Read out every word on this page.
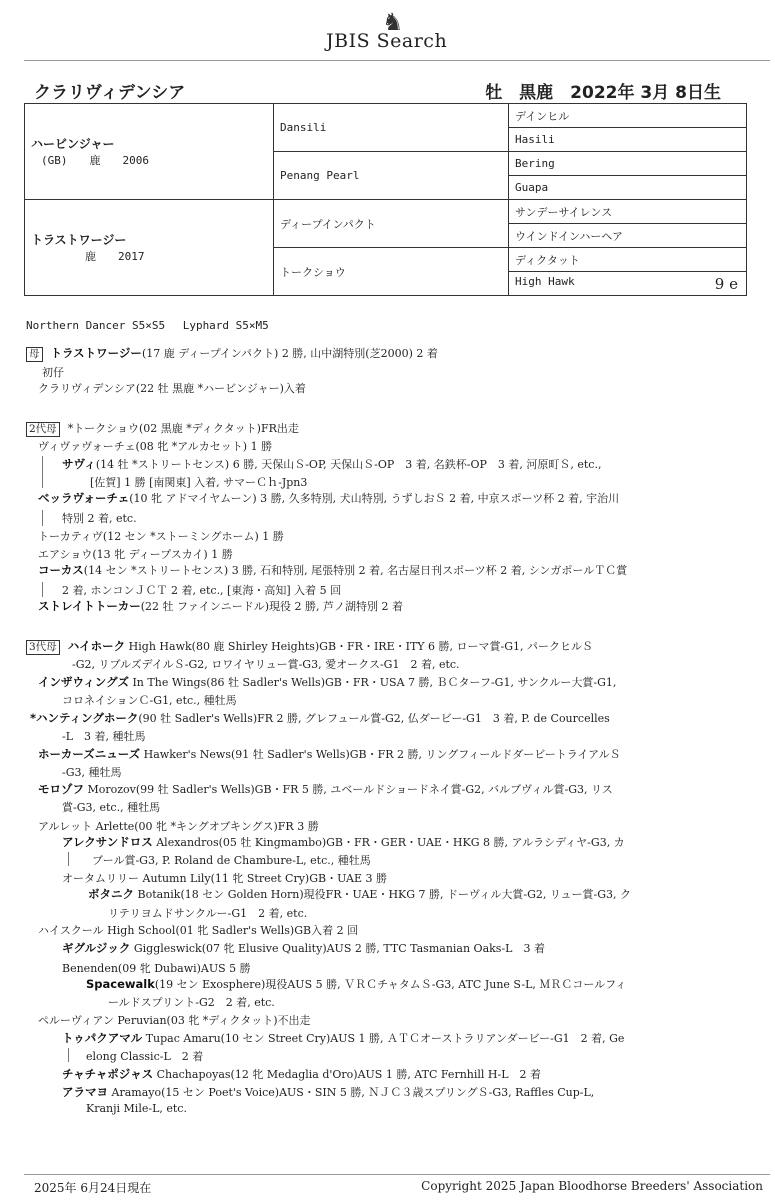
♞
JBIS Search
クラリヴィデンシア	牡　黒鹿　2022年 3月 8日生
ハービンジャー
(GB)　　鹿　　2006	Dansili	デインヒル
		Hasili
	Penang Pearl	Bering
		Guapa

トラストワージー
　　　　鹿　　2017	ディープインパクト	サンデーサイレンス
		ウインドインハーヘア
	トークショウ	ディクタット
		High Hawk 9 e
Northern Dancer S5×S5　 Lyphard S5×M5
母 トラストワージー(17 鹿 ディープインパクト) 2 勝, 山中湖特別(芝2000) 2 着
初仔
クラリヴィデンシア(22 牡 黒鹿 *ハービンジャー)入着
2代母 *トークショウ(02 黒鹿 *ディクタット)FR出走
ヴィヴァヴォーチェ(08 牝 *アルカセット) 1 勝
サヴィ(14 牡 *ストリートセンス) 6 勝, 天保山Ｓ-OP, 天保山Ｓ-OP　3 着, 名鉄杯-OP　3 着, 河原町Ｓ, etc.,
[佐賀] 1 勝 [南関東] 入着, サマーＣｈ-Jpn3
ベッラヴォーチェ(10 牝 アドマイヤムーン) 3 勝, 久多特別, 犬山特別, うずしおＳ 2 着, 中京スポーツ杯 2 着, 宇治川
特別 2 着, etc.
トーカティヴ(12 セン *ストーミングホーム) 1 勝
エアショウ(13 牝 ディープスカイ) 1 勝
コーカス(14 セン *ストリートセンス) 3 勝, 石和特別, 尾張特別 2 着, 名古屋日刊スポーツ杯 2 着, シンガポールＴＣ賞
2 着, ホンコンＪＣＴ 2 着, etc., [東海・高知] 入着 5 回
ストレイトトーカー(22 牡 ファインニードル)現役 2 勝, 芦ノ湖特別 2 着
3代母 ハイホーク High Hawk(80 鹿 Shirley Heights)GB・FR・IRE・ITY 6 勝, ローマ賞-G1, パークヒルＳ
-G2, リブルズデイルＳ-G2, ロワイヤリュー賞-G3, 愛オークス-G1　2 着, etc.
インザウィングズ In The Wings(86 牡 Sadler's Wells)GB・FR・USA 7 勝, ＢＣターフ-G1, サンクルー大賞-G1,
コロネイションＣ-G1, etc., 種牡馬
*ハンティングホーク(90 牡 Sadler's Wells)FR 2 勝, グレフュール賞-G2, 仏ダービー-G1　3 着, P. de Courcelles
-L　3 着, 種牡馬
ホーカーズニューズ Hawker's News(91 牡 Sadler's Wells)GB・FR 2 勝, リングフィールドダービートライアルＳ
-G3, 種牡馬
モロゾフ Morozov(99 牡 Sadler's Wells)GB・FR 5 勝, ユベールドショードネイ賞-G2, バルブヴィル賞-G3, リス
賞-G3, etc., 種牡馬
アルレット Arlette(00 牝 *キングオブキングス)FR 3 勝
アレクサンドロス Alexandros(05 牡 Kingmambo)GB・FR・GER・UAE・HKG 8 勝, アルラシディヤ-G3, カ
ブール賞-G3, P. Roland de Chambure-L, etc., 種牡馬
オータムリリー Autumn Lily(11 牝 Street Cry)GB・UAE 3 勝
ボタニク Botanik(18 セン Golden Horn)現役FR・UAE・HKG 7 勝, ドーヴィル大賞-G2, リュー賞-G3, ク
リテリヨムドサンクルー-G1　2 着, etc.
ハイスクール High School(01 牝 Sadler's Wells)GB入着 2 回
ギグルジック Giggleswick(07 牝 Elusive Quality)AUS 2 勝, TTC Tasmanian Oaks-L　3 着
Benenden(09 牝 Dubawi)AUS 5 勝
Spacewalk(19 セン Exosphere)現役AUS 5 勝, ＶＲＣチャタムＳ-G3, ATC June S-L, ＭＲＣコールフィ
ールドスプリント-G2　2 着, etc.
ペルーヴィアン Peruvian(03 牝 *ディクタット)不出走
トゥパクアマル Tupac Amaru(10 セン Street Cry)AUS 1 勝, ＡＴＣオーストラリアンダービー-G1　2 着, Ge
elong Classic-L　2 着
チャチャポジャス Chachapoyas(12 牝 Medaglia d'Oro)AUS 1 勝, ATC Fernhill H-L　2 着
アラマヨ Aramayo(15 セン Poet's Voice)AUS・SIN 5 勝, ＮＪＣ３歳スプリングＳ-G3, Raffles Cup-L,
Kranji Mile-L, etc.
2025年 6月24日現在	Copyright 2025 Japan Bloodhorse Breeders' Association
